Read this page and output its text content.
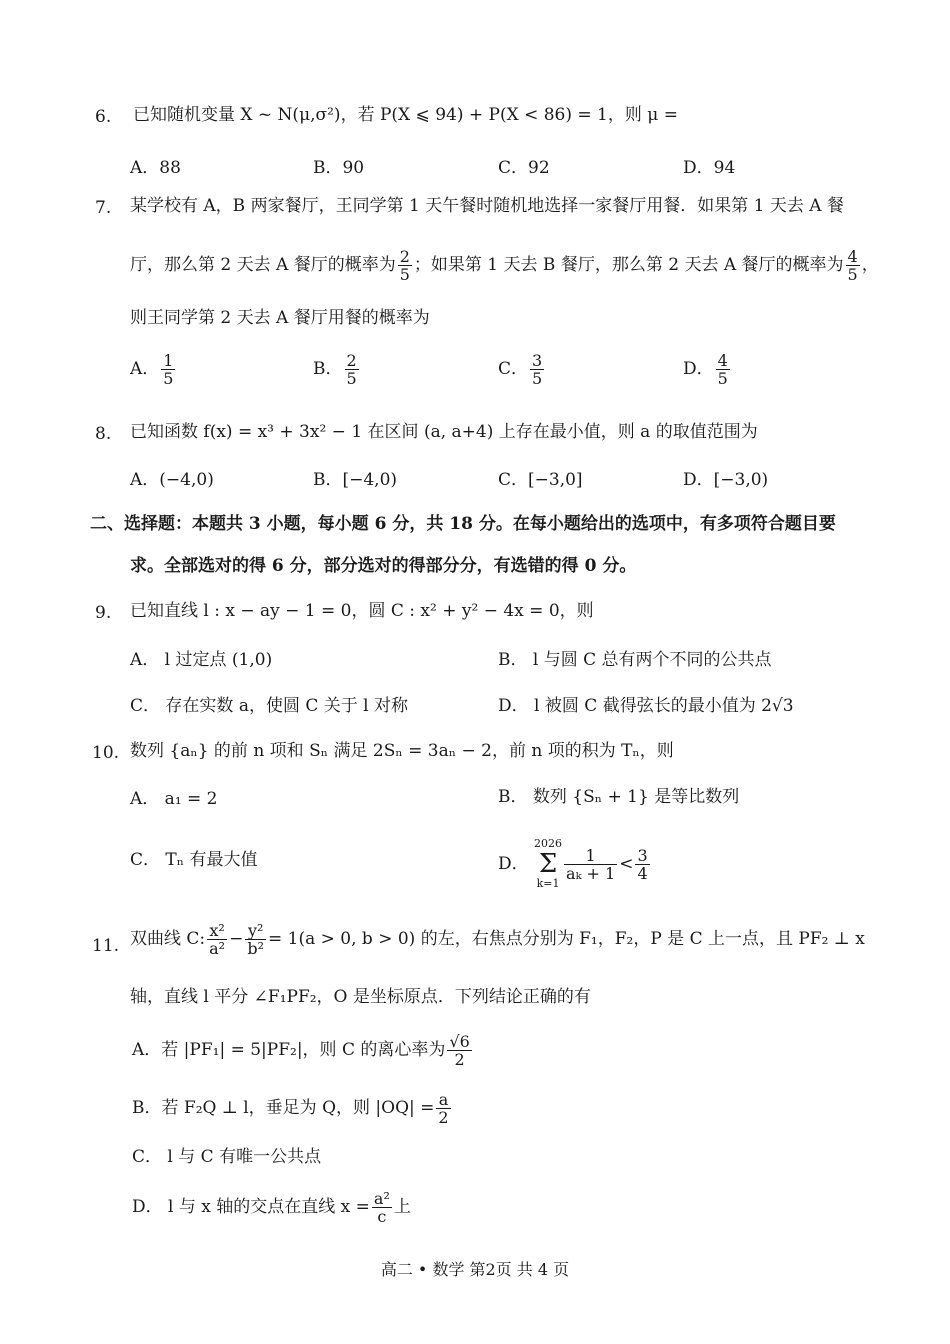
6. 已知随机变量 X ~ N(μ,σ²)，若 P(X ⩽ 94) + P(X < 86) = 1，则 μ =
A．88	B．90	C．92	D．94
7. 某学校有 A，B 两家餐厅，王同学第 1 天午餐时随机地选择一家餐厅用餐．如果第 1 天去 A 餐
厅，那么第 2 天去 A 餐厅的概率为 $\frac{2}{5}$ ；如果第 1 天去 B 餐厅，那么第 2 天去 A 餐厅的概率为 $\frac{4}{5}$ ，
则王同学第 2 天去 A 餐厅用餐的概率为
A． $\frac{1}{5}$	B． $\frac{2}{5}$	C． $\frac{3}{5}$	D． $\frac{4}{5}$
8. 已知函数 f(x) = x³ + 3x² − 1 在区间 (a, a+4) 上存在最小值，则 a 的取值范围为
A．(−4,0)	B．[−4,0)	C．[−3,0]	D．[−3,0)
二、选择题：本题共 3 小题，每小题 6 分，共 18 分。在每小题给出的选项中，有多项符合题目要
求。全部选对的得 6 分，部分选对的得部分分，有选错的得 0 分。
9. 已知直线 l : x − ay − 1 = 0，圆 C : x² + y² − 4x = 0，则
A． l 过定点 (1,0)	B． l 与圆 C 总有两个不同的公共点
C． 存在实数 a，使圆 C 关于 l 对称	D． l 被圆 C 截得弦长的最小值为 2√3
10. 数列 {aₙ} 的前 n 项和 Sₙ 满足 2Sₙ = 3aₙ − 2，前 n 项的积为 Tₙ，则
A． a₁ = 2	B． 数列 {Sₙ + 1} 是等比数列
C． Tₙ 有最大值	D．
2026
Σ
k=1
$\frac{1}{\text{aₖ + 1}} < \frac{3}{4}$
11. 双曲线 C: $\frac{\text{x²}}{\text{a²}} - \frac{\text{y²}}{\text{b²}} = 1(a > 0$, b > 0) 的左，右焦点分别为 F₁，F₂，P 是 C 上一点，且 PF₂ ⊥ x
轴，直线 l 平分 ∠F₁PF₂，O 是坐标原点．下列结论正确的有
A．若 |PF₁| = 5|PF₂|，则 C 的离心率为 $\frac{√6}{2}$
B．若 F₂Q ⊥ l，垂足为 Q，则 $|OQ| = \frac{a}{2}$
C． l 与 C 有唯一公共点
D． l 与 x 轴的交点在直线 $x = \frac{\text{a²}}{c}$ 上
高二 • 数学 第2页 共 4 页
